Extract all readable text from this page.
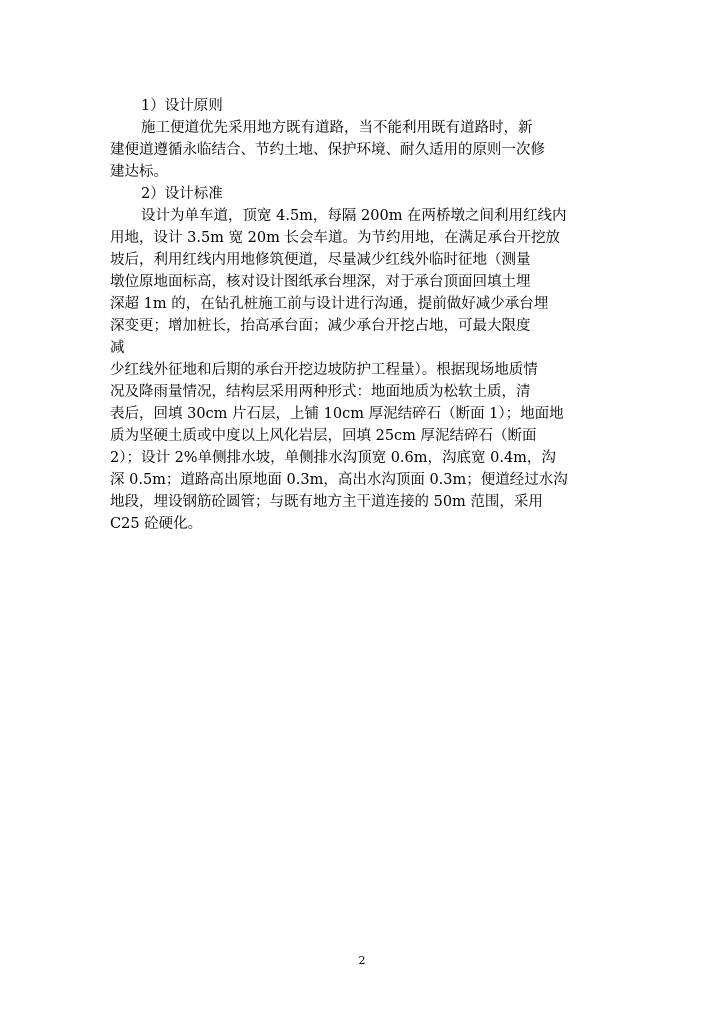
1）设计原则
施工便道优先采用地方既有道路，当不能利用既有道路时，新
建便道遵循永临结合、节约土地、保护环境、耐久适用的原则一次修
建达标。
2）设计标准
设计为单车道，顶宽 4.5m，每隔 200m 在两桥墩之间利用红线内
用地，设计 3.5m 宽 20m 长会车道。为节约用地，在满足承台开挖放
坡后，利用红线内用地修筑便道，尽量减少红线外临时征地（测量
墩位原地面标高，核对设计图纸承台埋深，对于承台顶面回填土埋
深超 1m 的，在钻孔桩施工前与设计进行沟通，提前做好减少承台埋
深变更；增加桩长，抬高承台面；减少承台开挖占地，可最大限度
减
少红线外征地和后期的承台开挖边坡防护工程量）。根据现场地质情
况及降雨量情况，结构层采用两种形式：地面地质为松软土质，清
表后，回填 30cm 片石层，上铺 10cm 厚泥结碎石（断面 1）；地面地
质为坚硬土质或中度以上风化岩层，回填 25cm 厚泥结碎石（断面
2）；设计 2%单侧排水坡，单侧排水沟顶宽 0.6m，沟底宽 0.4m，沟
深 0.5m；道路高出原地面 0.3m，高出水沟顶面 0.3m；便道经过水沟
地段，埋设钢筋砼圆管；与既有地方主干道连接的 50m 范围，采用
C25 砼硬化。
2
